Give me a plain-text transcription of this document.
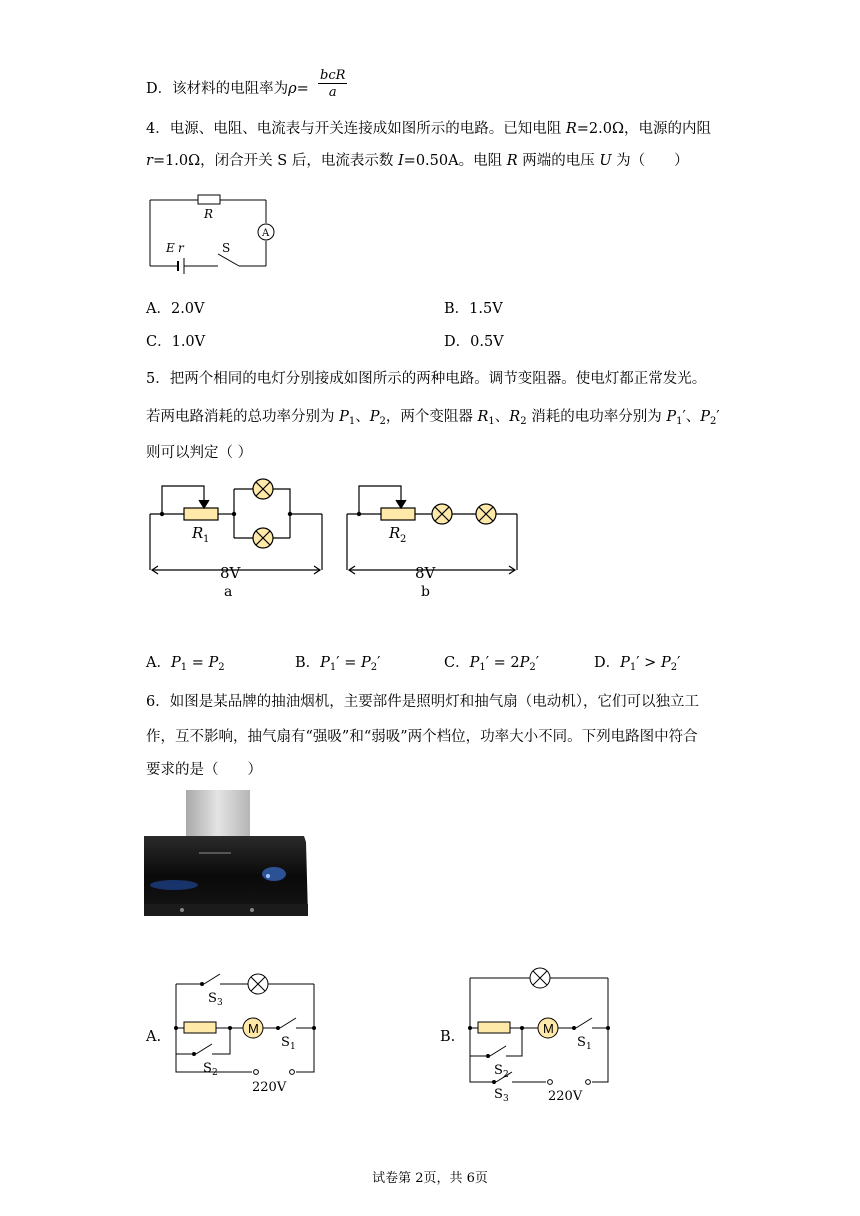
D．该材料的电阻率为ρ=
bcR
a
4．电源、电阻、电流表与开关连接成如图所示的电路。已知电阻 R=2.0Ω，电源的内阻
r=1.0Ω，闭合开关 S 后，电流表示数 I=0.50A。电阻 R 两端的电压 U 为（　　）
R
A
E r	S
A．2.0V	B．1.5V
C．1.0V	D．0.5V
5．把两个相同的电灯分别接成如图所示的两种电路。调节变阻器。使电灯都正常发光。
若两电路消耗的总功率分别为 $P_1$、$P_2$，两个变阻器 $R_1$、$R_2$ 消耗的电功率分别为 $P_1'$、$P_2'$
则可以判定（ ）
R 1
8V
a
R 2
8V
b
A．$P_1 = P_2$	B．$P_1' = P_2'$	C．$P_1' = 2P_2'$	D．$P_1' > P_2'$
6．如图是某品牌的抽油烟机，主要部件是照明灯和抽气扇（电动机），它们可以独立工
作，互不影响，抽气扇有“强吸”和“弱吸”两个档位，功率大小不同。下列电路图中符合
要求的是（　　）
A.
M
S 3
S 1
S 2
220V
B.
M
S 1
S 2
S 3	220V
试卷第 2页，共 6页
